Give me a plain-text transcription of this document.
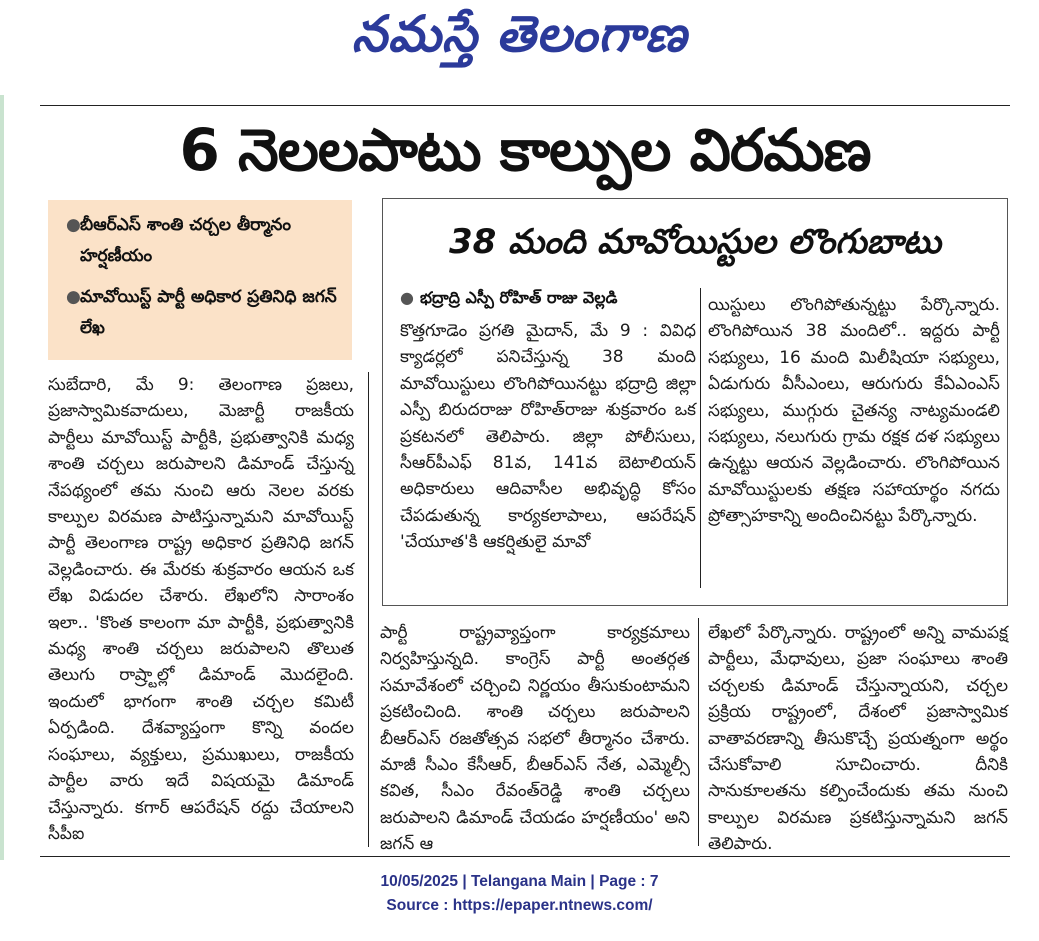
నమస్తే తెలంగాణ
6 నెలలపాటు కాల్పుల విరమణ
● బీఆర్ఎస్ శాంతి చర్చల తీర్మానం హర్షణీయం
● మావోయిస్ట్ పార్టీ అధికార ప్రతినిధి జగన్ లేఖ

సుబేదారి, మే 9: తెలంగాణ ప్రజలు, ప్రజాస్వామికవాదులు, మెజార్టీ రాజకీయ పార్టీలు మావోయిస్ట్ పార్టీకి, ప్రభుత్వానికి మధ్య శాంతి చర్చలు జరుపాలని డిమాండ్ చేస్తున్న నేపథ్యంలో తమ నుంచి ఆరు నెలల వరకు కాల్పుల విరమణ పాటిస్తున్నామని మావోయిస్ట్ పార్టీ తెలంగాణ రాష్ట్ర అధికార ప్రతినిధి జగన్ వెల్లడించారు. ఈ మేరకు శుక్రవారం ఆయన ఒక లేఖ విడుదల చేశారు. లేఖలోని సారాంశం ఇలా.. 'కొంత కాలంగా మా పార్టీకి, ప్రభుత్వానికి మధ్య శాంతి చర్చలు జరుపాలని తొలుత తెలుగు రాష్ర్టాల్లో డిమాండ్ మొదలైంది. ఇందులో భాగంగా శాంతి చర్చల కమిటీ ఏర్పడింది. దేశవ్యాప్తంగా కొన్ని వందల సంఘాలు, వ్యక్తులు, ప్రముఖులు, రాజకీయ పార్టీల వారు ఇదే విషయమై డిమాండ్ చేస్తున్నారు. కగార్ ఆపరేషన్ రద్దు చేయాలని సీపీఐ

38 మంది మావోయిస్టుల లొంగుబాటు
● భద్రాద్రి ఎస్పీ రోహిత్ రాజు వెల్లడి

కొత్తగూడెం ప్రగతి మైదాన్, మే 9 : వివిధ క్యాడర్లలో పనిచేస్తున్న 38 మంది మావోయిస్టులు లొంగిపోయినట్టు భద్రాద్రి జిల్లా ఎస్పీ బిరుదరాజు రోహిత్‌రాజు శుక్రవారం ఒక ప్రకటనలో తెలిపారు. జిల్లా పోలీసులు, సీఆర్‌పీఎఫ్ 81వ, 141వ బెటాలియన్ అధికారులు ఆదివాసీల అభివృద్ధి కోసం చేపడుతున్న కార్యకలాపాలు, ఆపరేషన్ 'చేయూత'కి ఆకర్షితులై మావో

యిస్టులు లొంగిపోతున్నట్టు పేర్కొన్నారు. లొంగిపోయిన 38 మందిలో.. ఇద్దరు పార్టీ సభ్యులు, 16 మంది మిలీషియా సభ్యులు, ఏడుగురు వీసీఎంలు, ఆరుగురు కేఏఎంఎస్ సభ్యులు, ముగ్గురు చైతన్య నాట్యమండలి సభ్యులు, నలుగురు గ్రామ రక్షక దళ సభ్యులు ఉన్నట్టు ఆయన వెల్లడించారు. లొంగిపోయిన మావోయిస్టులకు తక్షణ సహాయార్థం నగదు ప్రోత్సాహకాన్ని అందించినట్టు పేర్కొన్నారు.

పార్టీ రాష్ట్రవ్యాప్తంగా కార్యక్రమాలు నిర్వహిస్తున్నది. కాంగ్రెస్ పార్టీ అంతర్గత సమావేశంలో చర్చించి నిర్ణయం తీసుకుంటామని ప్రకటించింది. శాంతి చర్చలు జరుపాలని బీఆర్ఎస్ రజతోత్సవ సభలో తీర్మానం చేశారు. మాజీ సీఎం కేసీఆర్, బీఆర్ఎస్ నేత, ఎమ్మెల్సీ కవిత, సీఎం రేవంత్‌రెడ్డి శాంతి చర్చలు జరుపాలని డిమాండ్ చేయడం హర్షణీయం' అని జగన్ ఆ

లేఖలో పేర్కొన్నారు. రాష్ట్రంలో అన్ని వామపక్ష పార్టీలు, మేధావులు, ప్రజా సంఘాలు శాంతి చర్చలకు డిమాండ్ చేస్తున్నాయని, చర్చల ప్రక్రియ రాష్ట్రంలో, దేశంలో ప్రజాస్వామిక వాతావరణాన్ని తీసుకొచ్చే ప్రయత్నంగా అర్థం చేసుకోవాలి సూచించారు. దీనికి సానుకూలతను కల్పించేందుకు తమ నుంచి కాల్పుల విరమణ ప్రకటిస్తున్నామని జగన్ తెలిపారు.

10/05/2025 | Telangana Main | Page : 7
Source : https://epaper.ntnews.com/
